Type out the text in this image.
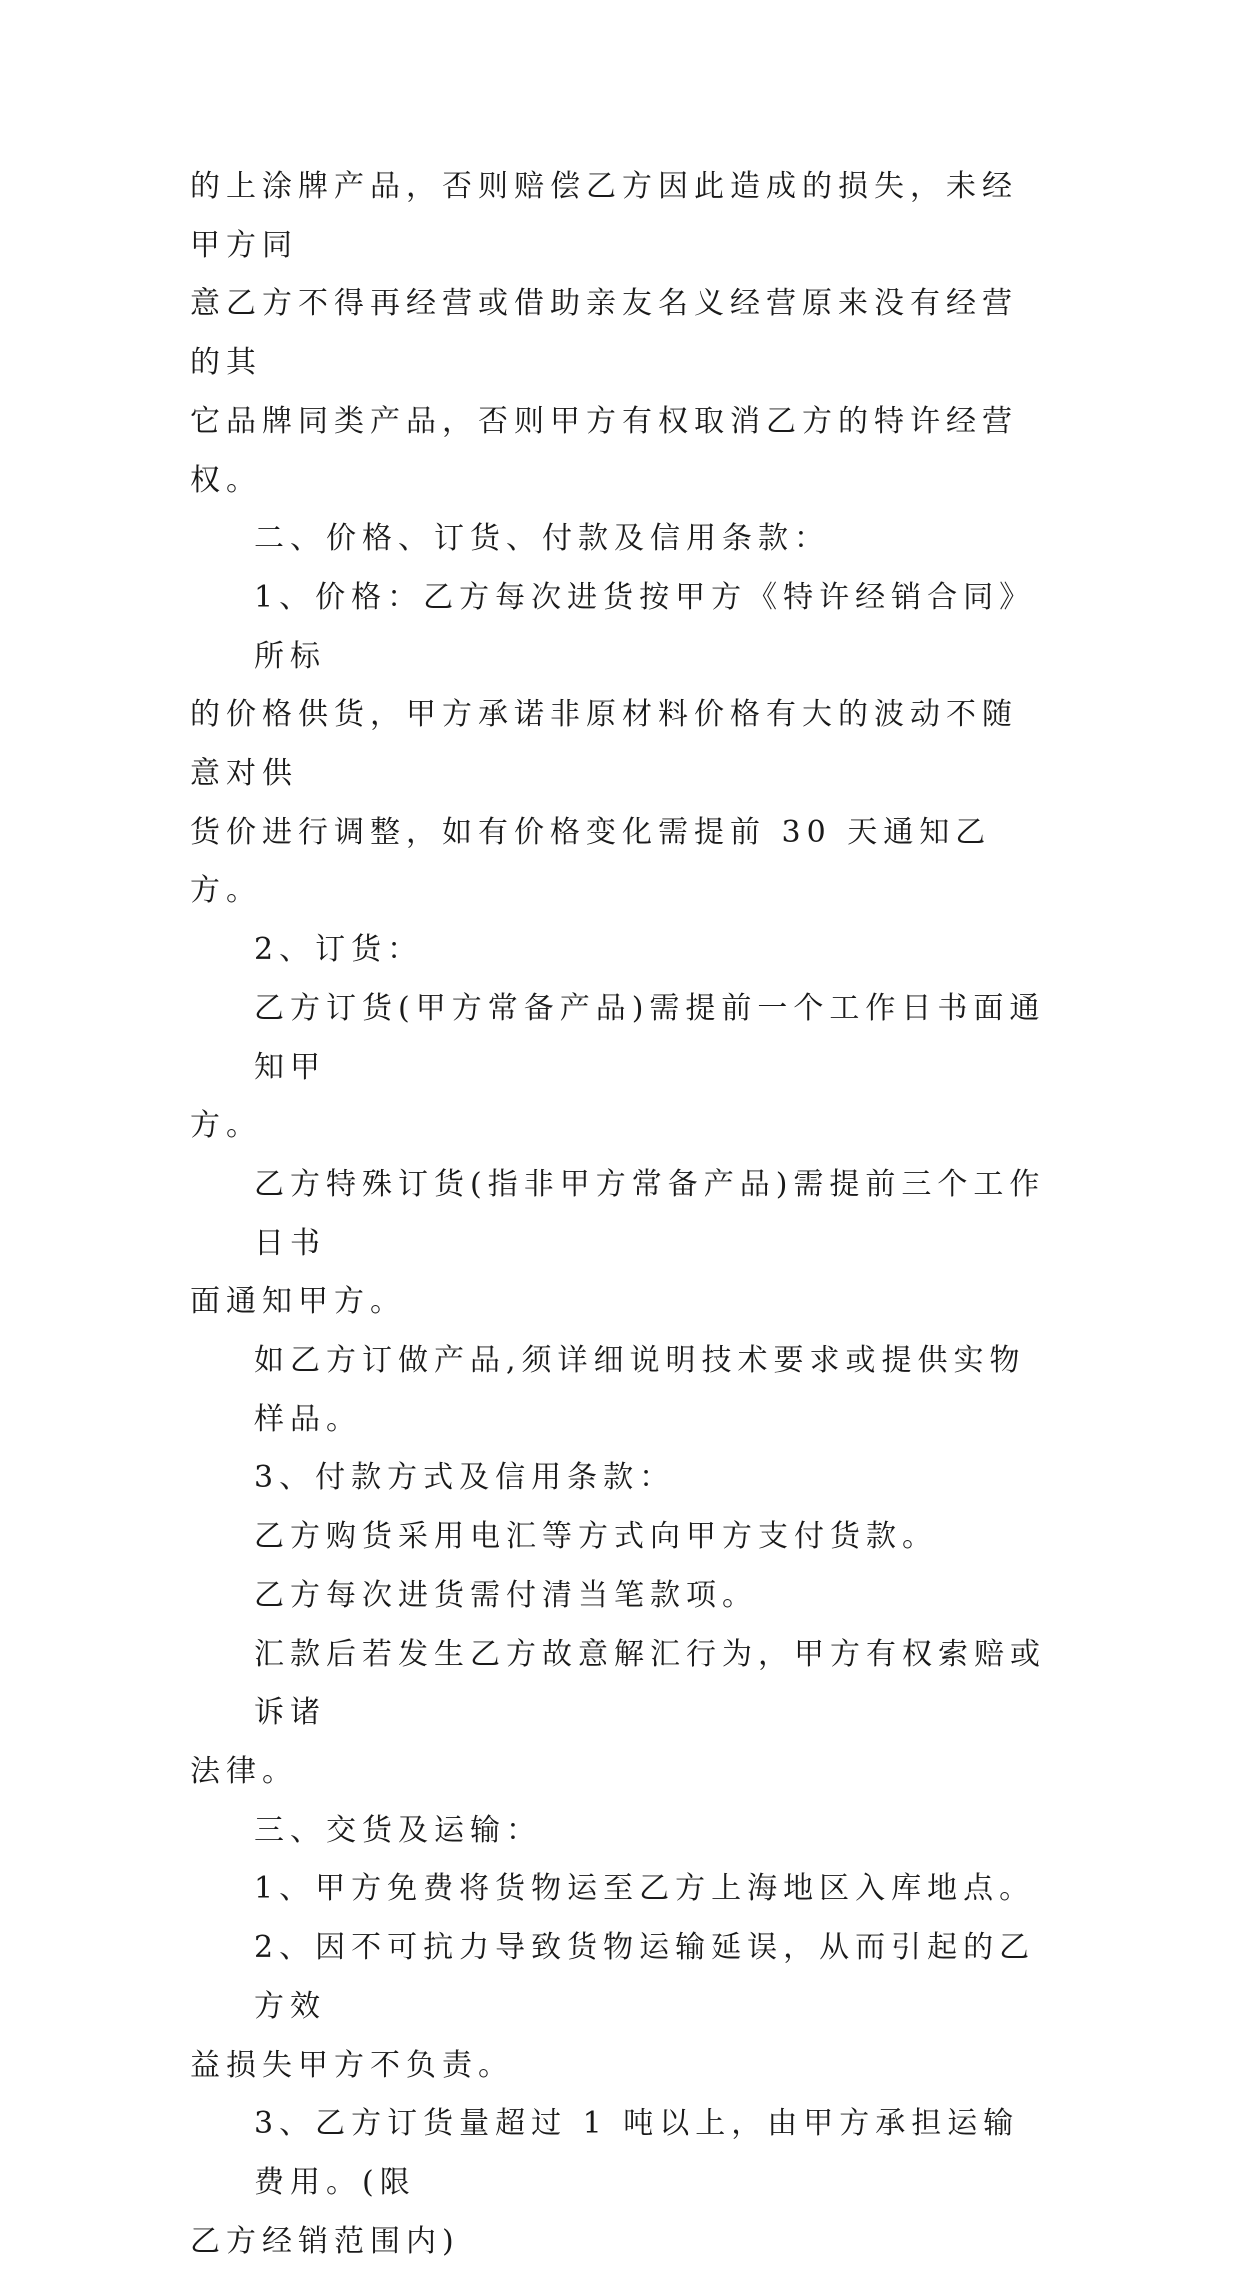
的上涂牌产品，否则赔偿乙方因此造成的损失，未经甲方同

意乙方不得再经营或借助亲友名义经营原来没有经营的其

它品牌同类产品，否则甲方有权取消乙方的特许经营权。

二、价格、订货、付款及信用条款：

1、价格：乙方每次进货按甲方《特许经销合同》所标

的价格供货，甲方承诺非原材料价格有大的波动不随意对供

货价进行调整，如有价格变化需提前 30 天通知乙方。

2、订货：

乙方订货(甲方常备产品)需提前一个工作日书面通知甲

方。

乙方特殊订货(指非甲方常备产品)需提前三个工作日书

面通知甲方。

如乙方订做产品,须详细说明技术要求或提供实物样品。

3、付款方式及信用条款：

乙方购货采用电汇等方式向甲方支付货款。

乙方每次进货需付清当笔款项。

汇款后若发生乙方故意解汇行为，甲方有权索赔或诉诸

法律。

三、交货及运输：

1、甲方免费将货物运至乙方上海地区入库地点。

2、因不可抗力导致货物运输延误，从而引起的乙方效

益损失甲方不负责。

3、乙方订货量超过 1 吨以上，由甲方承担运输费用。(限

乙方经销范围内)
